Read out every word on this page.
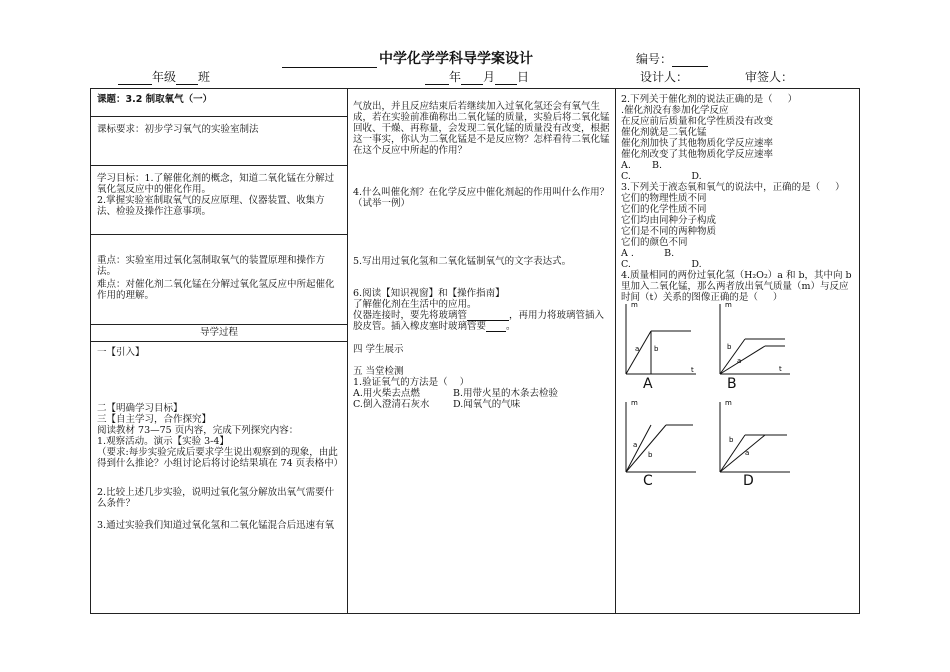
中学化学学科导学案设计	编号：
年级 班	年 月 日	设计人：	审签人：
课题：3.2 制取氧气（一）
课标要求：初步学习氧气的实验室制法
学习目标：1.了解催化剂的概念，知道二氧化锰在分解过氧化氢反应中的催化作用。
2.掌握实验室制取氧气的反应原理、仪器装置、收集方法、检验及操作注意事项。
重点：实验室用过氧化氢制取氧气的装置原理和操作方法。
难点：对催化剂二氧化锰在分解过氧化氢反应中所起催化作用的理解。
导学过程
一【引入】
二【明确学习目标】
三【自主学习，合作探究】
阅读教材 73—75 页内容，完成下列探究内容：
1.观察活动。演示【实验 3-4】
（要求:每步实验完成后要求学生说出观察到的现象，由此得到什么推论？小组讨论后将讨论结果填在 74 页表格中）
2.比较上述几步实验，说明过氧化氢分解放出氧气需要什么条件？
3.通过实验我们知道过氧化氢和二氧化锰混合后迅速有氧
气放出，并且反应结束后若继续加入过氧化氢还会有氧气生成，若在实验前准确称出二氧化锰的质量，实验后将二氧化锰回收、干燥、再称量，会发现二氧化锰的质量没有改变，根据这一事实，你认为二氧化锰是不是反应物？怎样看待二氧化锰在这个反应中所起的作用？
4.什么叫催化剂？在化学反应中催化剂起的作用叫什么作用？（试举一例）
5.写出用过氧化氢和二氧化锰制氧气的文字表达式。
6.阅读【知识视窗】和【操作指南】
了解催化剂在生活中的应用。
仪器连接时，要先将玻璃管	，再用力将玻璃管插入胶皮管。插入橡皮塞时玻璃管要 。
四 学生展示
五 当堂检测
1.验证氧气的方法是（    ）
A.用火柴去点燃	B.用带火星的木条去检验
C.倒入澄清石灰水	D.闻氧气的气味
2.下列关于催化剂的说法正确的是（     ）
.催化剂没有参加化学反应
在反应前后质量和化学性质没有改变
催化剂就是二氧化锰
催化剂加快了其他物质化学反应速率
催化剂改变了其他物质化学反应速率
A.       B.
C.                    D.
3.下列关于液态氧和氧气的说法中，正确的是（     ）
它们的物理性质不同
它们的化学性质不同
它们均由同种分子构成
它们是不同的两种物质
它们的颜色不同
A .          B.
C.                    D.
4.质量相同的两份过氧化氢（H₂O₂）a 和 b，其中向 b 里加入二氧化锰，那么两者放出氧气质量（m）与反应时间（t）关系的图像正确的是（     ）
m
t
a b
A
m
t
b
a
B
m
a
b
C
m
b
a
D
